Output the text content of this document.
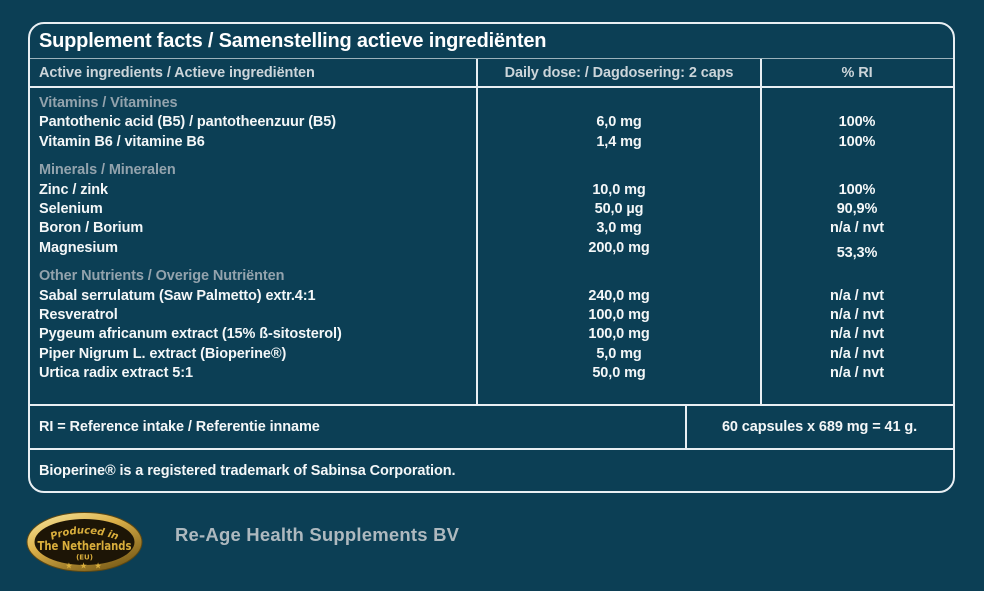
Supplement facts / Samenstelling actieve ingrediënten
Active ingredients / Actieve ingrediënten	Daily dose: / Dagdosering: 2 caps	% RI
Vitamins / Vitamines
Pantothenic acid (B5) / pantotheenzuur (B5)	6,0 mg	100%
Vitamin B6 / vitamine B6	1,4 mg	100%
Minerals / Mineralen
Zinc / zink	10,0 mg	100%
Selenium	50,0 µg	90,9%
Boron / Borium	3,0 mg	n/a / nvt
Magnesium	200,0 mg	53,3%
Other Nutrients / Overige Nutriënten
Sabal serrulatum (Saw Palmetto) extr.4:1	240,0 mg	n/a / nvt
Resveratrol	100,0 mg	n/a / nvt
Pygeum africanum extract (15% ß-sitosterol)	100,0 mg	n/a / nvt
Piper Nigrum L. extract (Bioperine®)	5,0 mg	n/a / nvt
Urtica radix extract 5:1	50,0 mg	n/a / nvt
RI = Reference intake / Referentie inname	60 capsules x 689 mg = 41 g.
Bioperine® is a registered trademark of Sabinsa Corporation.
Produced in
The Netherlands
(EU)
★ ★ ★
Re-Age Health Supplements BV
